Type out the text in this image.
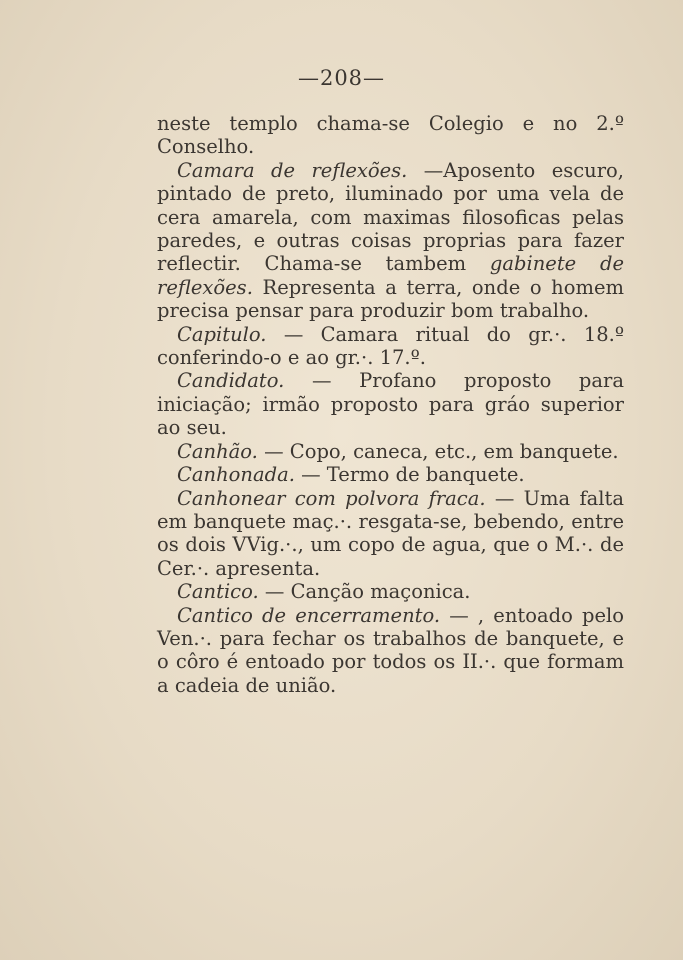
—208—

neste templo chama-se Colegio e no 2.º Conselho.

Camara de reflexões. —Aposento escuro, pintado de preto, iluminado por uma vela de cera amarela, com maximas filosoficas pelas paredes, e outras coisas proprias para fazer reflectir. Chama-se tambem gabinete de reflexões. Representa a terra, onde o homem precisa pensar para produzir bom trabalho.

Capitulo. — Camara ritual do gr.·. 18.º conferindo-o e ao gr.·. 17.º.

Candidato. — Profano proposto para iniciação; irmão proposto para gráo superior ao seu.

Canhão. — Copo, caneca, etc., em banquete.

Canhonada. — Termo de banquete.

Canhonear com polvora fraca. — Uma falta em banquete maç.·. resgata-se, bebendo, entre os dois VVig.·., um copo de agua, que o M.·. de Cer.·. apresenta.

Cantico. — Canção maçonica.

Cantico de encerramento. — , entoado pelo Ven.·. para fechar os trabalhos de banquete, e o côro é entoado por todos os II.·. que formam a cadeia de união.
